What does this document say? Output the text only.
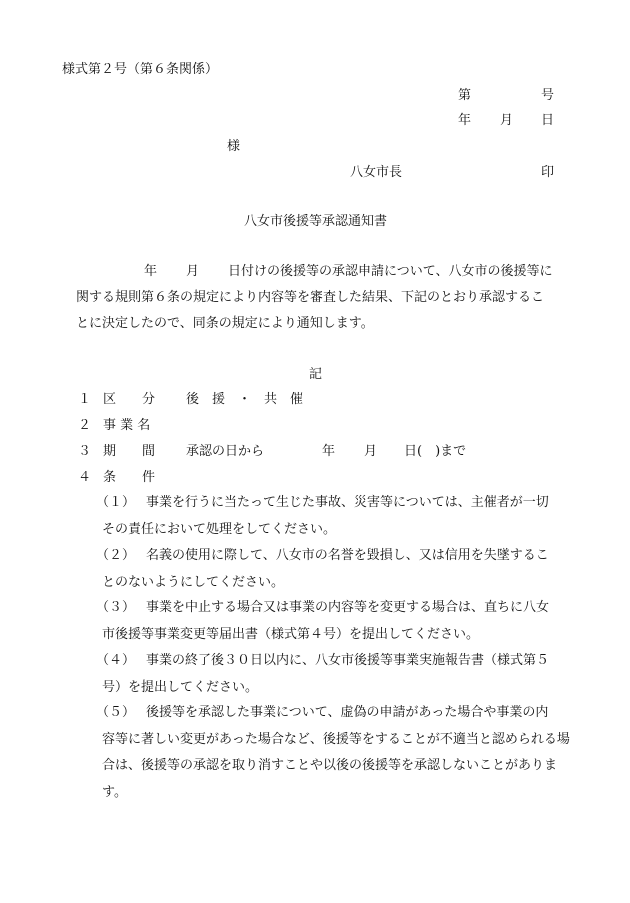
様式第２号（第６条関係）
第	号
年 月 日
様
八女市長	印
八女市後援等承認通知書
年 月 日付けの後援等の承認申請について、八女市の後援等に
関する規則第６条の規定により内容等を審査した結果、下記のとおり承認するこ
とに決定したので、同条の規定により通知します。
記
１ 区　　分 後　援　・　共　催
２ 事 業 名
３ 期　　間 承認の日から	年 月 日(　)まで
４ 条　　件
（１） 事業を行うに当たって生じた事故、災害等については、主催者が一切
その責任において処理をしてください。
（２） 名義の使用に際して、八女市の名誉を毀損し、又は信用を失墜するこ
とのないようにしてください。
（３） 事業を中止する場合又は事業の内容等を変更する場合は、直ちに八女
市後援等事業変更等届出書（様式第４号）を提出してください。
（４） 事業の終了後３０日以内に、八女市後援等事業実施報告書（様式第５
号）を提出してください。
（５） 後援等を承認した事業について、虚偽の申請があった場合や事業の内
容等に著しい変更があった場合など、後援等をすることが不適当と認められる場合は、後援等の承認を取り消すことや以後の後援等を承認しないことがあります。
